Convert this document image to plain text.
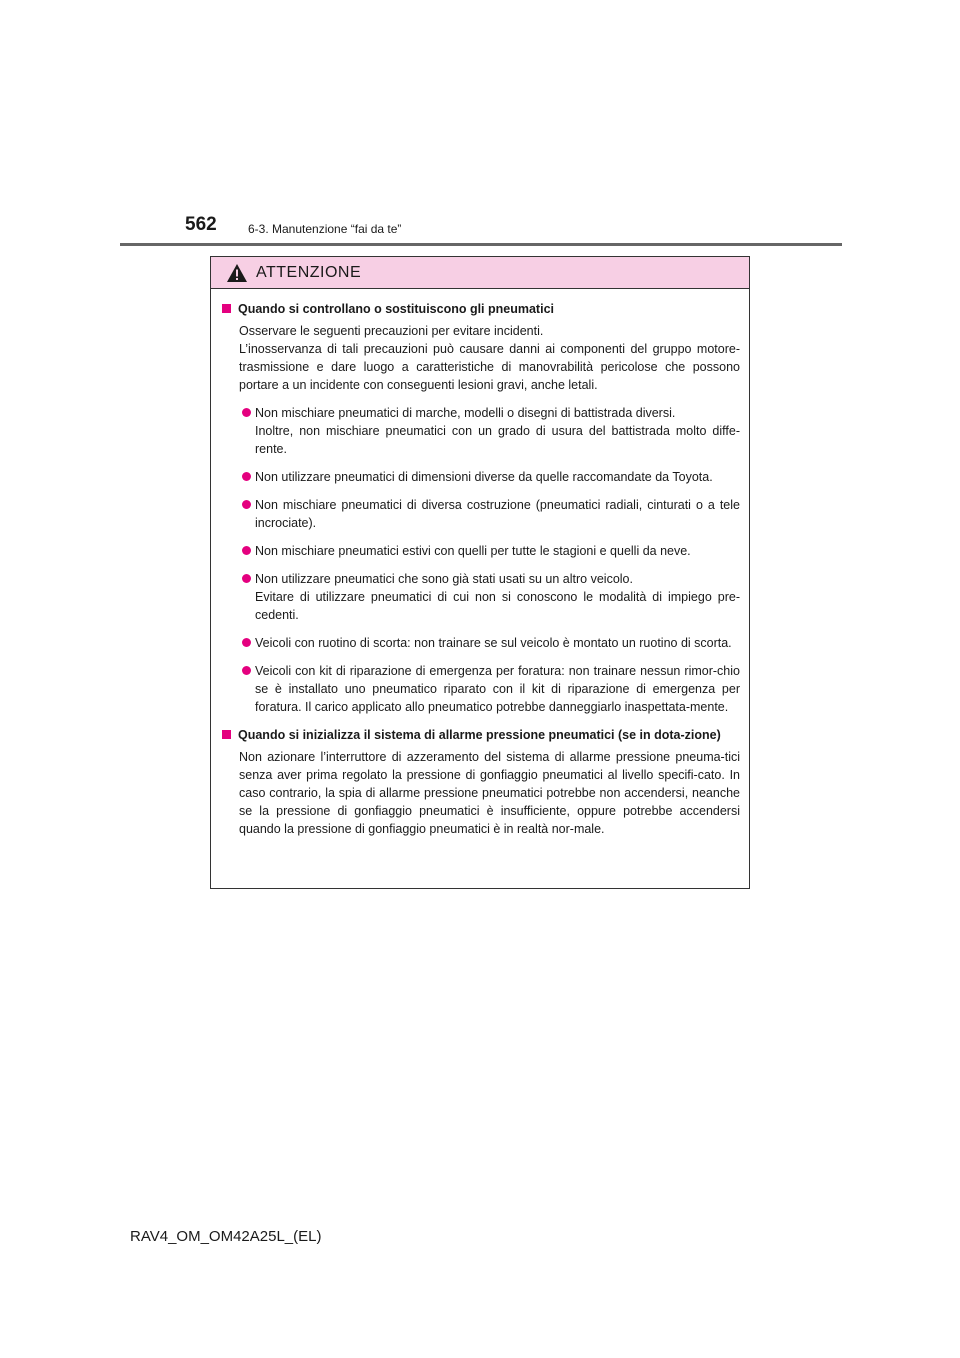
562	6-3. Manutenzione “fai da te”
ATTENZIONE
Quando si controllano o sostituiscono gli pneumatici
Osservare le seguenti precauzioni per evitare incidenti.
L’inosservanza di tali precauzioni può causare danni ai componenti del gruppo motore-trasmissione e dare luogo a caratteristiche di manovrabilità pericolose che possono portare a un incidente con conseguenti lesioni gravi, anche letali.
Non mischiare pneumatici di marche, modelli o disegni di battistrada diversi.
Inoltre, non mischiare pneumatici con un grado di usura del battistrada molto diffe-rente.
Non utilizzare pneumatici di dimensioni diverse da quelle raccomandate da Toyota.
Non mischiare pneumatici di diversa costruzione (pneumatici radiali, cinturati o a tele incrociate).
Non mischiare pneumatici estivi con quelli per tutte le stagioni e quelli da neve.
Non utilizzare pneumatici che sono già stati usati su un altro veicolo.
Evitare di utilizzare pneumatici di cui non si conoscono le modalità di impiego pre-cedenti.
Veicoli con ruotino di scorta: non trainare se sul veicolo è montato un ruotino di scorta.
Veicoli con kit di riparazione di emergenza per foratura: non trainare nessun rimor-chio se è installato uno pneumatico riparato con il kit di riparazione di emergenza per foratura. Il carico applicato allo pneumatico potrebbe danneggiarlo inaspettata-mente.
Quando si inizializza il sistema di allarme pressione pneumatici (se in dota-zione)
Non azionare l’interruttore di azzeramento del sistema di allarme pressione pneuma-tici senza aver prima regolato la pressione di gonfiaggio pneumatici al livello specifi-cato. In caso contrario, la spia di allarme pressione pneumatici potrebbe non accendersi, neanche se la pressione di gonfiaggio pneumatici è insufficiente, oppure potrebbe accendersi quando la pressione di gonfiaggio pneumatici è in realtà nor-male.
RAV4_OM_OM42A25L_(EL)
